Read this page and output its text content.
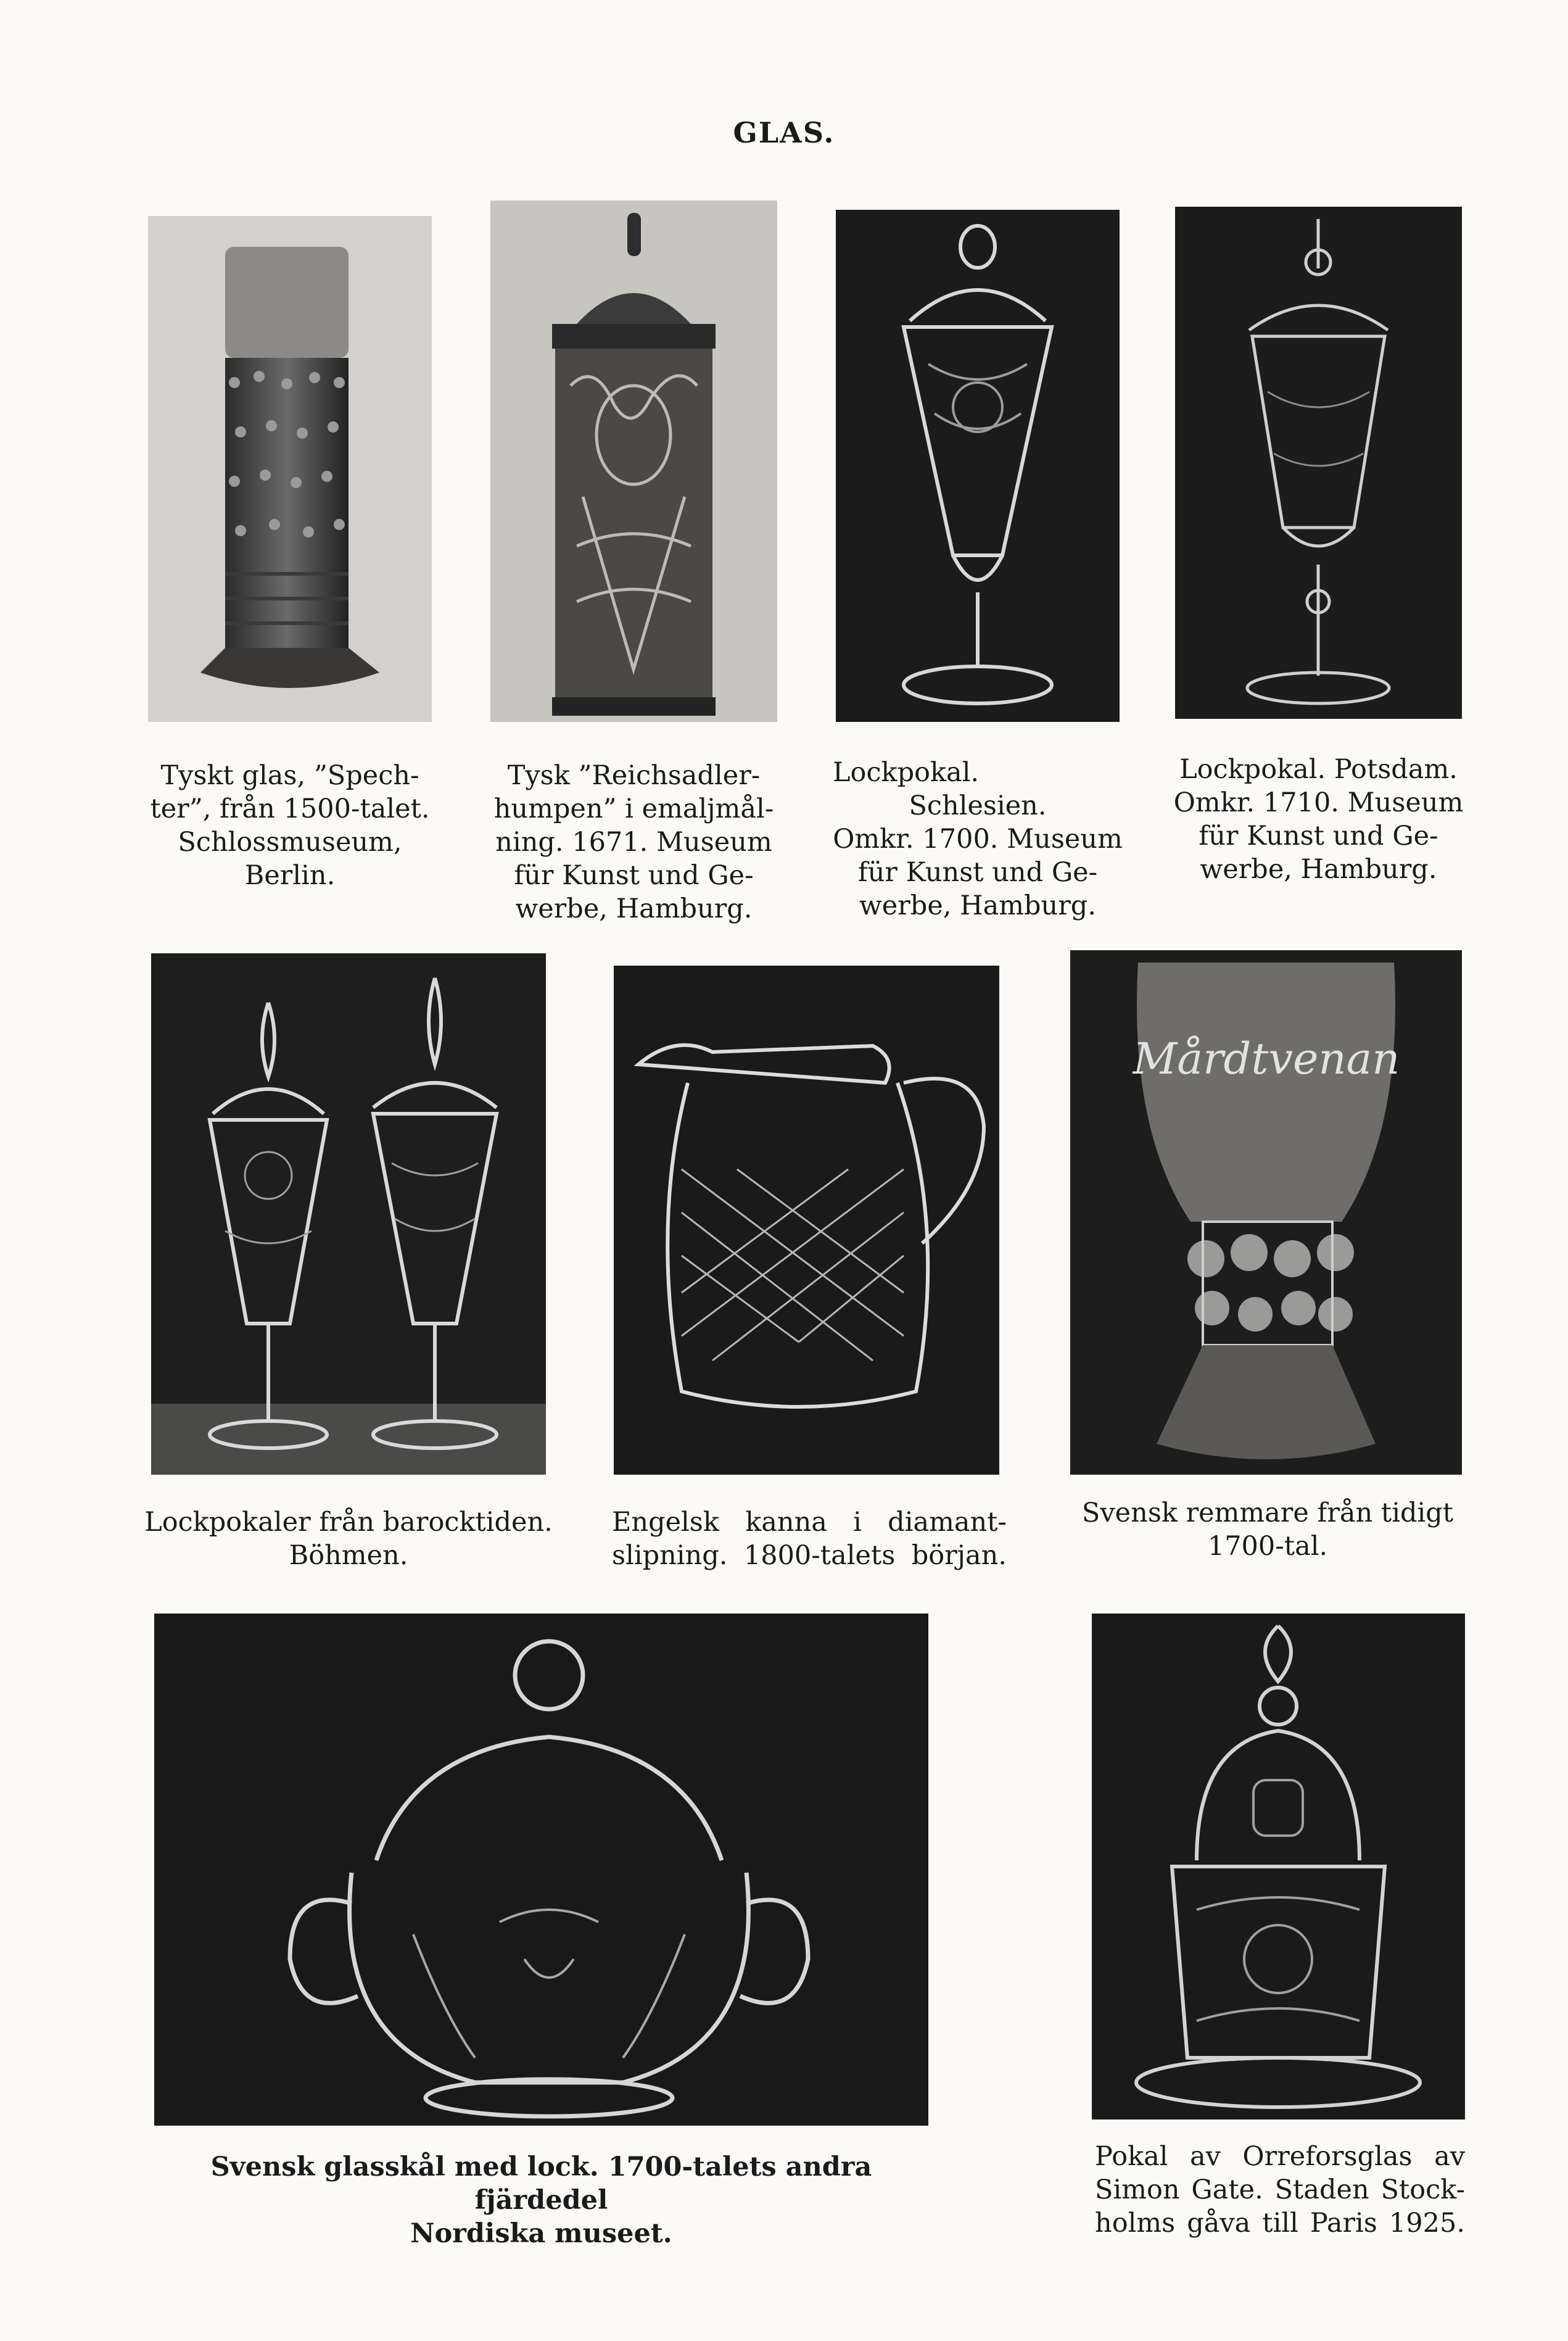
GLAS.
Tyskt glas, ”Spech-
ter”, från 1500-talet.
Schlossmuseum,
Berlin.
Tysk ”Reichsadler-
humpen” i emaljmål-
ning. 1671. Museum
für Kunst und Ge-
werbe, Hamburg.
Lockpokal. Schlesien.
Omkr. 1700. Museum
für Kunst und Ge-
werbe, Hamburg.
Lockpokal. Potsdam.
Omkr. 1710. Museum
für Kunst und Ge-
werbe, Hamburg.
Lockpokaler från barocktiden.
Böhmen.
Engelsk kanna i diamant-
slipning. 1800-talets början.
Mårdtvenan
Svensk remmare från tidigt
1700-tal.
Svensk glasskål med lock. 1700-talets andra fjärdedel
Nordiska museet.
Pokal av Orreforsglas av
Simon Gate. Staden Stock-
holms gåva till Paris 1925.
